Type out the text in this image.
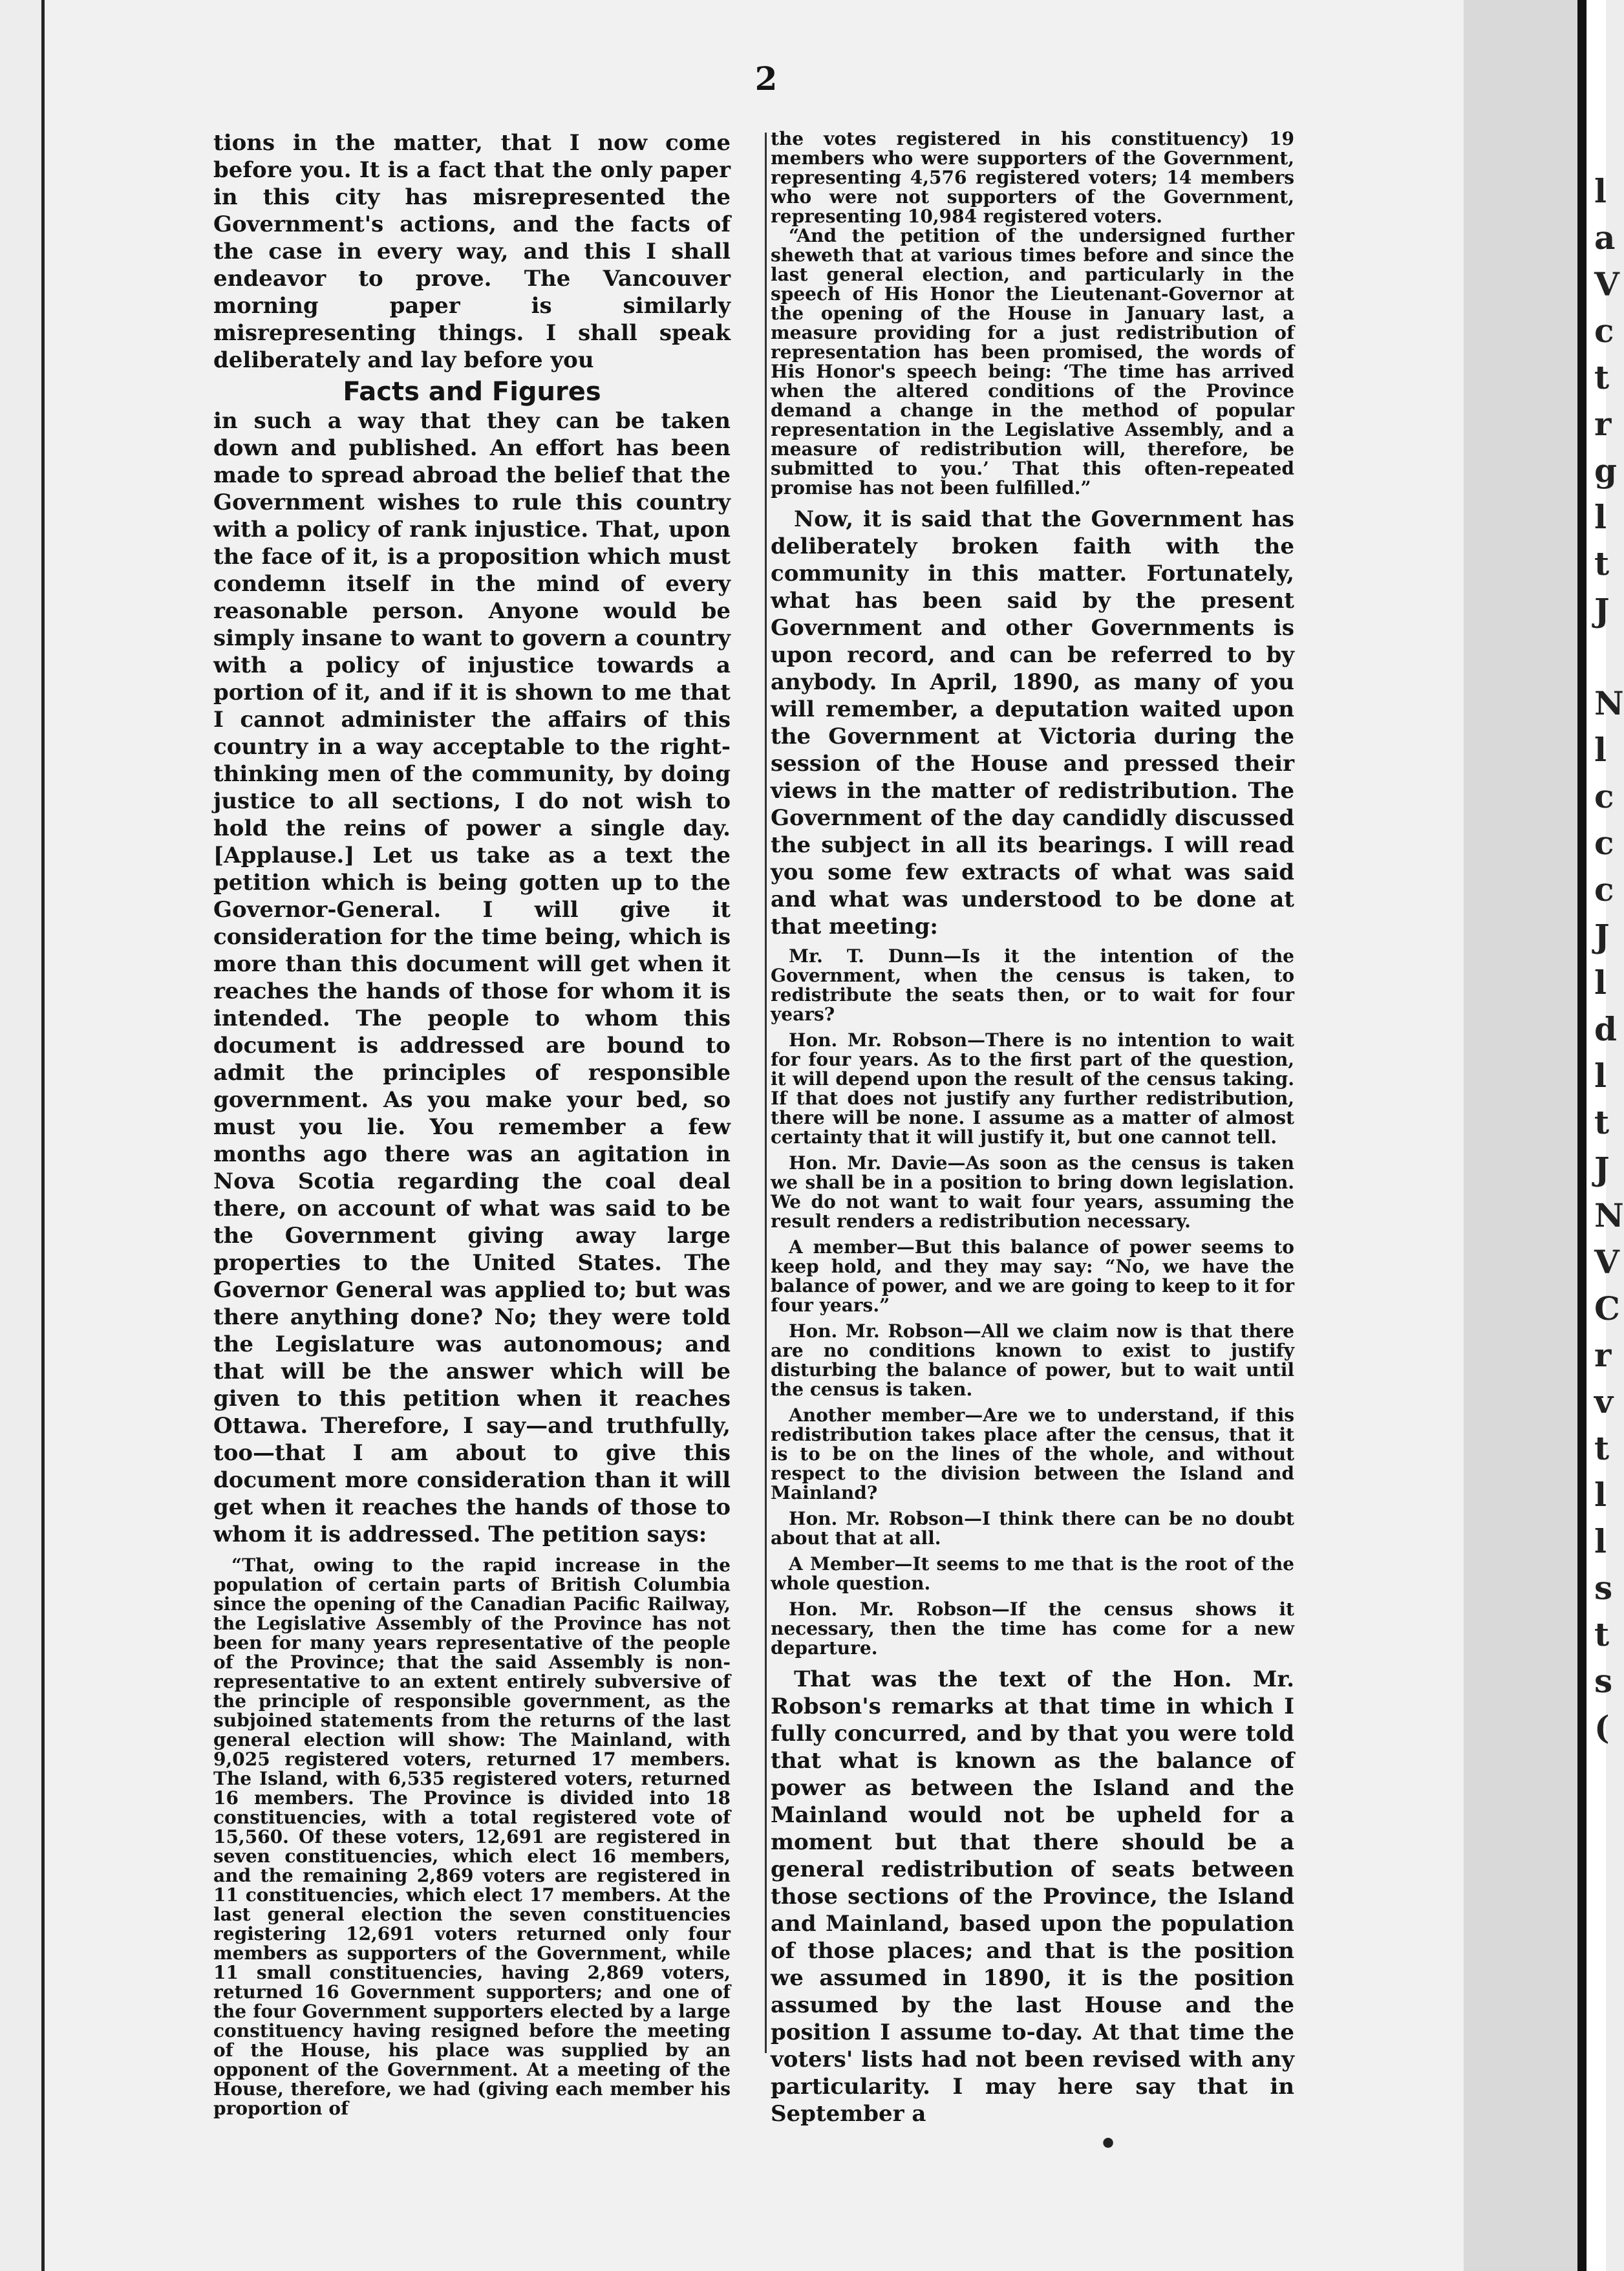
l
a
V
c
t
r
g
l
t
J

N
l
c
c
c
J
l
d
l
t
J
N
V
C
r
v
t
l
l
s
t
s
(
2

tions in the matter, that I now come before you. It is a fact that the only paper in this city has misrepresented the Government's actions, and the facts of the case in every way, and this I shall endeavor to prove. The Vancouver morning paper is similarly misrepresenting things. I shall speak deliberately and lay before you

Facts and Figures

in such a way that they can be taken down and published. An effort has been made to spread abroad the belief that the Government wishes to rule this country with a policy of rank injustice. That, upon the face of it, is a proposition which must condemn itself in the mind of every reasonable person. Anyone would be simply insane to want to govern a country with a policy of injustice towards a portion of it, and if it is shown to me that I cannot administer the affairs of this country in a way acceptable to the right-thinking men of the community, by doing justice to all sections, I do not wish to hold the reins of power a single day. [Applause.] Let us take as a text the petition which is being gotten up to the Governor-General. I will give it consideration for the time being, which is more than this document will get when it reaches the hands of those for whom it is intended. The people to whom this document is addressed are bound to admit the principles of responsible government. As you make your bed, so must you lie. You remember a few months ago there was an agitation in Nova Scotia regarding the coal deal there, on account of what was said to be the Government giving away large properties to the United States. The Governor General was applied to; but was there anything done? No; they were told the Legislature was autonomous; and that will be the answer which will be given to this petition when it reaches Ottawa. Therefore, I say—and truthfully, too—that I am about to give this document more consideration than it will get when it reaches the hands of those to whom it is addressed. The petition says:

“That, owing to the rapid increase in the population of certain parts of British Columbia since the opening of the Canadian Pacific Railway, the Legislative Assembly of the Province has not been for many years representative of the people of the Province; that the said Assembly is non-representative to an extent entirely subversive of the principle of responsible government, as the subjoined statements from the returns of the last general election will show: The Mainland, with 9,025 registered voters, returned 17 members. The Island, with 6,535 registered voters, returned 16 members. The Province is divided into 18 constituencies, with a total registered vote of 15,560. Of these voters, 12,691 are registered in seven constituencies, which elect 16 members, and the remaining 2,869 voters are registered in 11 constituencies, which elect 17 members. At the last general election the seven constituencies registering 12,691 voters returned only four members as supporters of the Government, while 11 small constituencies, having 2,869 voters, returned 16 Government supporters; and one of the four Government supporters elected by a large constituency having resigned before the meeting of the House, his place was supplied by an opponent of the Government. At a meeting of the House, therefore, we had (giving each member his proportion of

the votes registered in his constituency) 19 members who were supporters of the Government, representing 4,576 registered voters; 14 members who were not supporters of the Government, representing 10,984 registered voters.

“And the petition of the undersigned further sheweth that at various times before and since the last general election, and particularly in the speech of His Honor the Lieutenant-Governor at the opening of the House in January last, a measure providing for a just redistribution of representation has been promised, the words of His Honor's speech being: ‘The time has arrived when the altered conditions of the Province demand a change in the method of popular representation in the Legislative Assembly, and a measure of redistribution will, therefore, be submitted to you.’ That this often-repeated promise has not been fulfilled.”

Now, it is said that the Government has deliberately broken faith with the community in this matter. Fortunately, what has been said by the present Government and other Governments is upon record, and can be referred to by anybody. In April, 1890, as many of you will remember, a deputation waited upon the Government at Victoria during the session of the House and pressed their views in the matter of redistribution. The Government of the day candidly discussed the subject in all its bearings. I will read you some few extracts of what was said and what was understood to be done at that meeting:

Mr. T. Dunn—Is it the intention of the Government, when the census is taken, to redistribute the seats then, or to wait for four years?

Hon. Mr. Robson—There is no intention to wait for four years. As to the first part of the question, it will depend upon the result of the census taking. If that does not justify any further redistribution, there will be none. I assume as a matter of almost certainty that it will justify it, but one cannot tell.

Hon. Mr. Davie—As soon as the census is taken we shall be in a position to bring down legislation. We do not want to wait four years, assuming the result renders a redistribution necessary.

A member—But this balance of power seems to keep hold, and they may say: “No, we have the balance of power, and we are going to keep to it for four years.”

Hon. Mr. Robson—All we claim now is that there are no conditions known to exist to justify disturbing the balance of power, but to wait until the census is taken.

Another member—Are we to understand, if this redistribution takes place after the census, that it is to be on the lines of the whole, and without respect to the division between the Island and Mainland?

Hon. Mr. Robson—I think there can be no doubt about that at all.

A Member—It seems to me that is the root of the whole question.

Hon. Mr. Robson—If the census shows it necessary, then the time has come for a new departure.

That was the text of the Hon. Mr. Robson's remarks at that time in which I fully concurred, and by that you were told that what is known as the balance of power as between the Island and the Mainland would not be upheld for a moment but that there should be a general redistribution of seats between those sections of the Province, the Island and Mainland, based upon the population of those places; and that is the position we assumed in 1890, it is the position assumed by the last House and the position I assume to-day. At that time the voters' lists had not been revised with any particularity. I may here say that in September a

•
